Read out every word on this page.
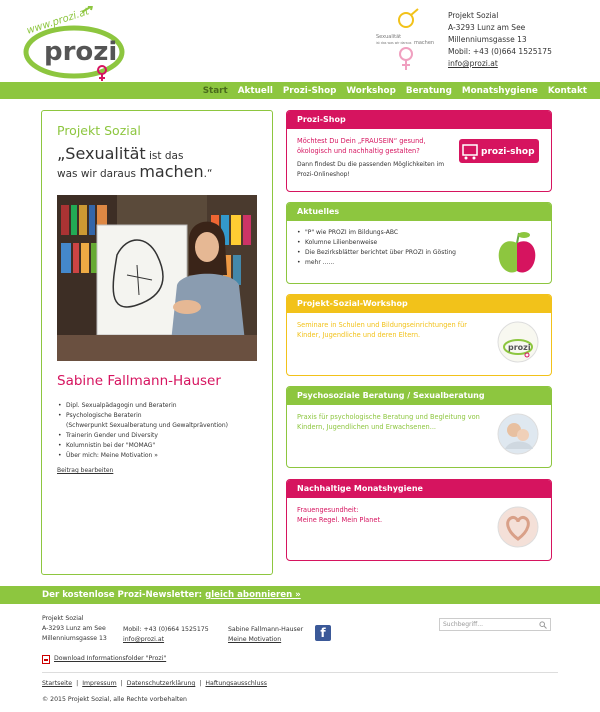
www.prozi.at
prozi	Sexualität
ist das was wir daraus machen
Projekt Sozial
A-3293 Lunz am See
Millenniumsgasse 13
Mobil: +43 (0)664 1525175
info@prozi.at
Start	Aktuell	Prozi-Shop	Workshop	Beratung	Monatshygiene	Kontakt
Projekt Sozial
„Sexualität ist das
was wir daraus machen.“
Sabine Fallmann-Hauser
• Dipl. Sexualpädagogin und Beraterin
• Psychologische Beraterin
(Schwerpunkt Sexualberatung und Gewaltprävention)
• Trainerin Gender und Diversity
• Kolumnistin bei der "MOMAG"
• Über mich: Meine Motivation »
Beitrag bearbeiten
Prozi-Shop
Möchtest Du Dein „FRAUSEIN“ gesund, ökologisch und nachhaltig gestalten?
Dann findest Du die passenden Möglichkeiten im Prozi-Onlineshop!
prozi-shop
Aktuelles
• "P" wie PROZI im Bildungs-ABC
• Kolumne Lilienbenweise
• Die Bezirksblätter berichtet über PROZI in Gösting
• mehr ......
Projekt-Sozial-Workshop
Seminare in Schulen und Bildungseinrichtungen für Kinder, Jugendliche und deren Eltern.
prozi
Psychosoziale Beratung / Sexualberatung
Praxis für psychologische Beratung und Begleitung von Kindern, Jugendlichen und Erwachsenen...
Nachhaltige Monatshygiene
Frauengesundheit:
Meine Regel. Mein Planet.
Der kostenlose Prozi-Newsletter: gleich abonnieren »
Projekt Sozial
A-3293 Lunz am See
Millenniumsgasse 13
Mobil: +43 (0)664 1525175
info@prozi.at
Sabine Fallmann-Hauser
Meine Motivation	f
Suchbegriff...
Download Informationsfolder "Prozi"
Startseite | Impressum | Datenschutzerklärung | Haftungsausschluss
© 2015 Projekt Sozial, alle Rechte vorbehalten
